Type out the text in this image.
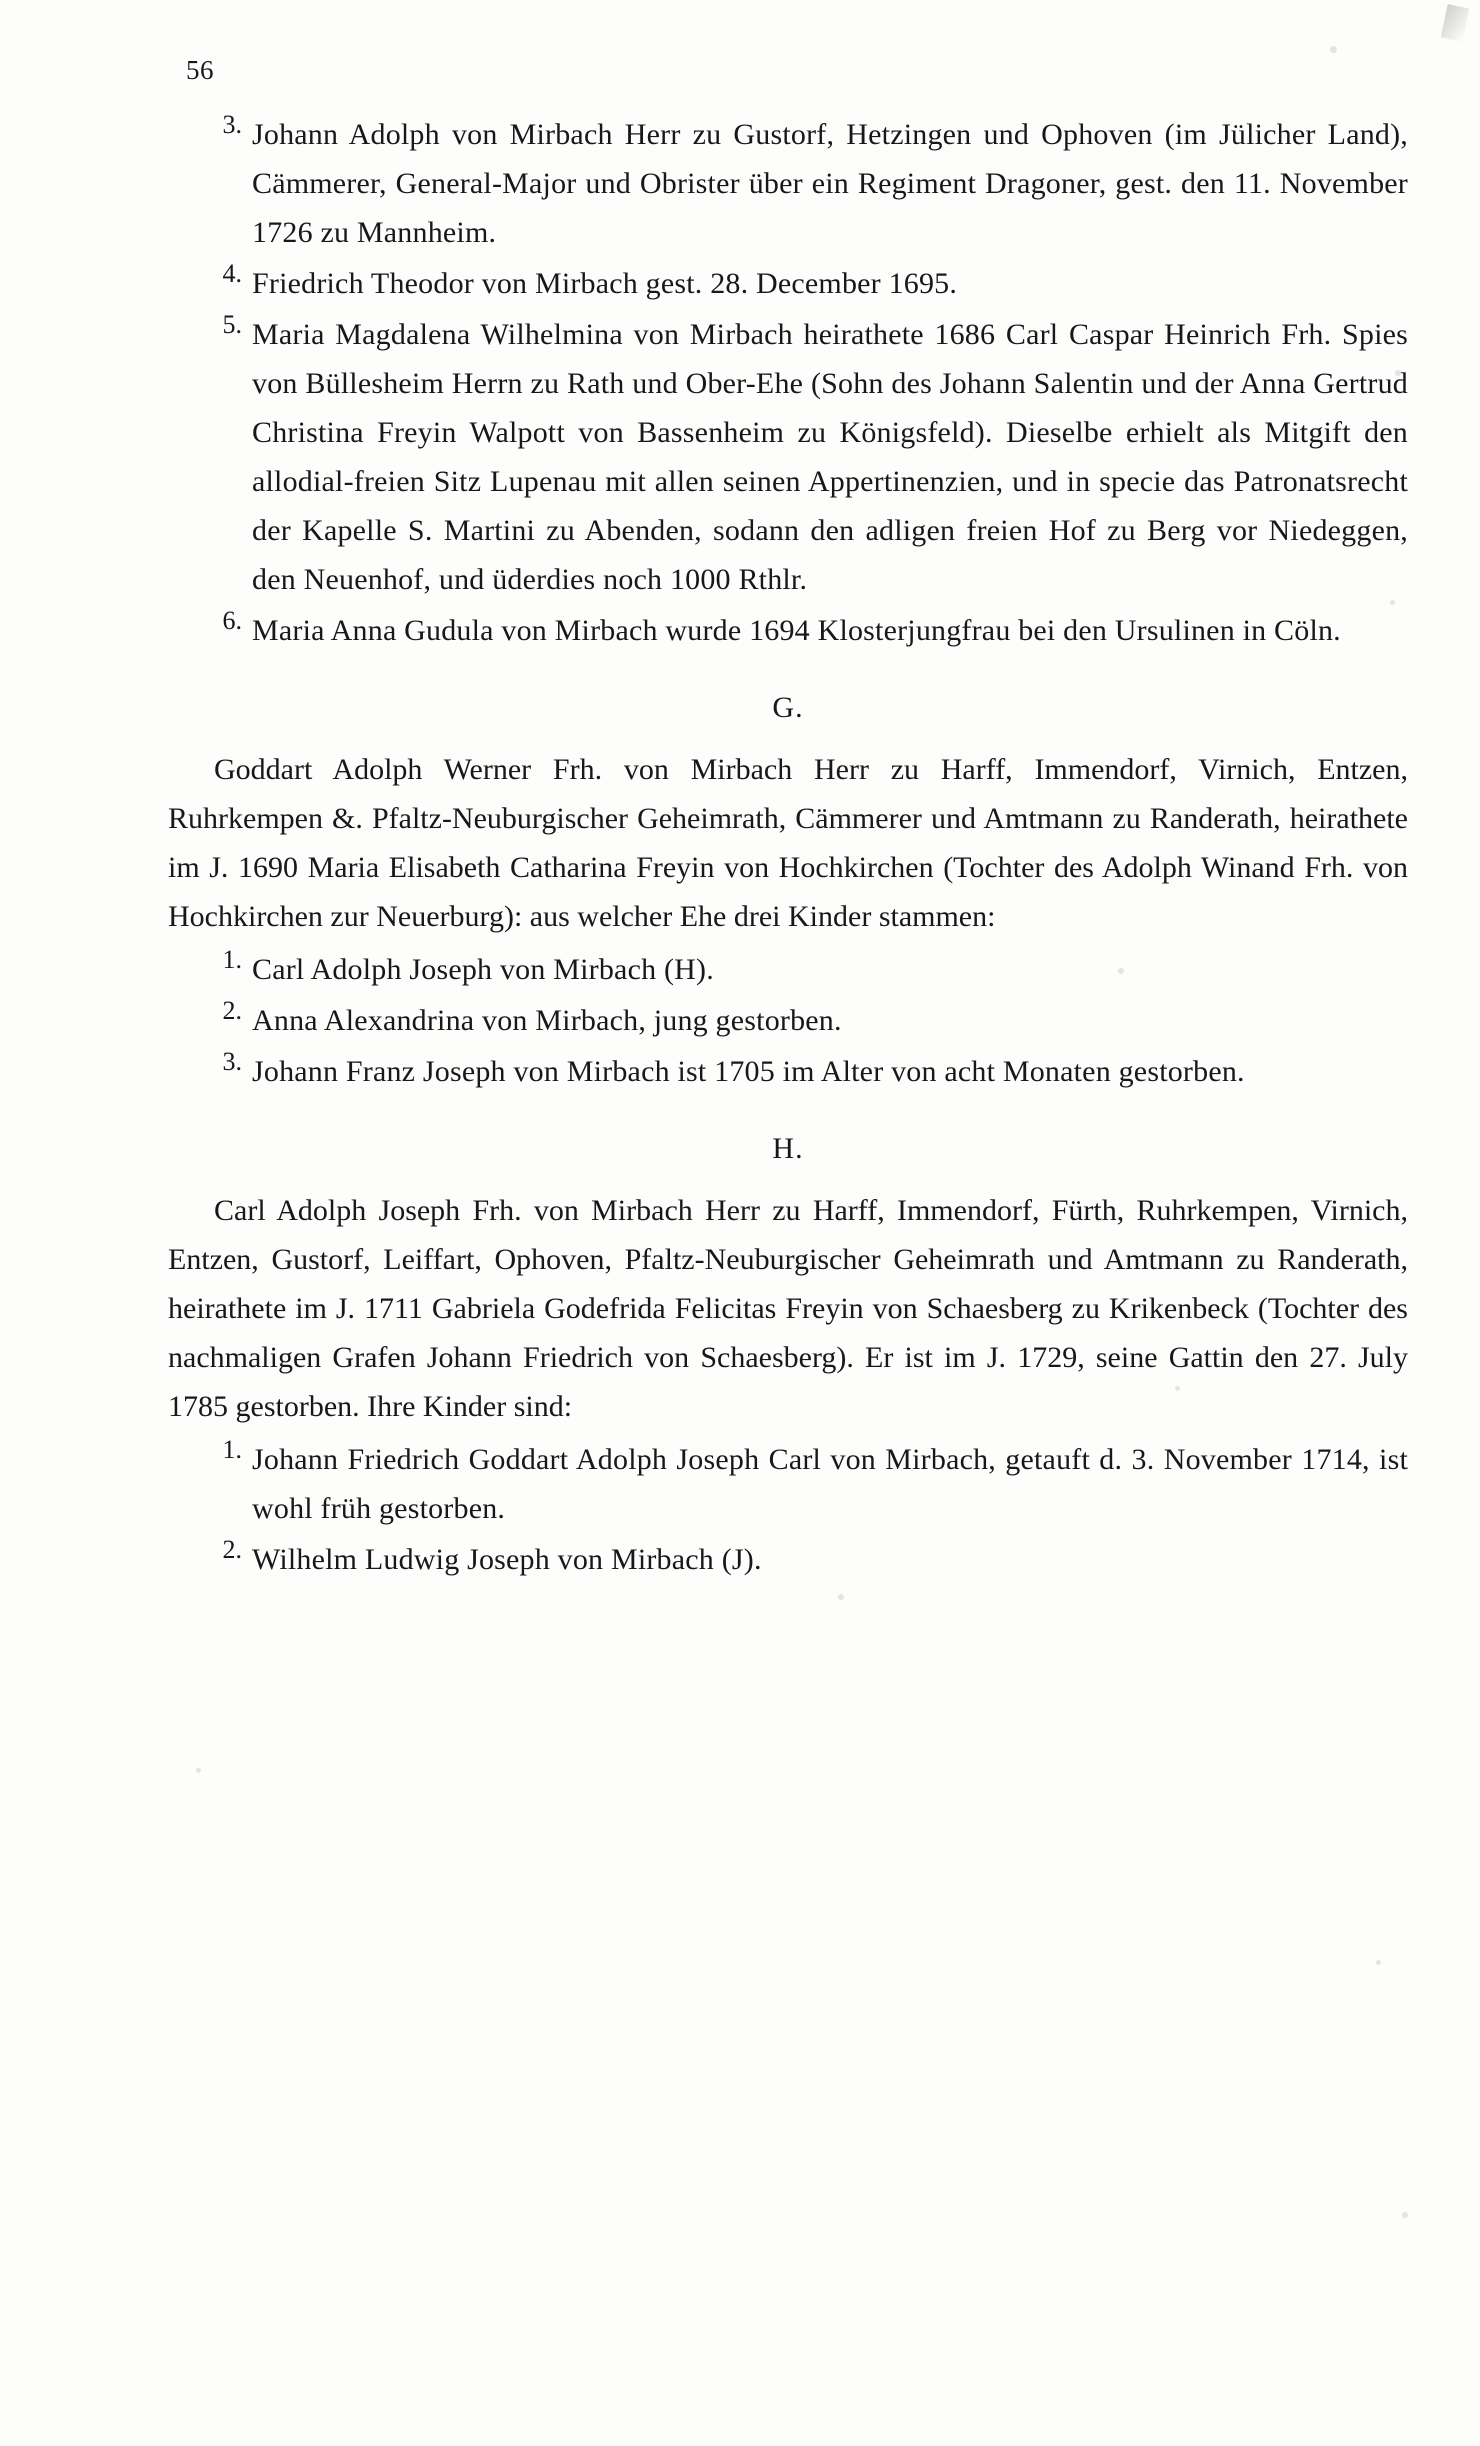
56
3. Johann Adolph von Mirbach Herr zu Gustorf, Hetzingen und Ophoven (im Jülicher Land), Cämmerer, General-Major und Obrister über ein Regiment Dragoner, gest. den 11. November 1726 zu Mannheim.
4. Friedrich Theodor von Mirbach gest. 28. December 1695.
5. Maria Magdalena Wilhelmina von Mirbach heirathete 1686 Carl Caspar Heinrich Frh. Spies von Büllesheim Herrn zu Rath und Ober-Ehe (Sohn des Johann Salentin und der Anna Gertrud Christina Freyin Walpott von Bassenheim zu Königsfeld). Dieselbe erhielt als Mitgift den allodial-freien Sitz Lupenau mit allen seinen Appertinenzien, und in specie das Patronatsrecht der Kapelle S. Martini zu Abenden, sodann den adligen freien Hof zu Berg vor Niedeggen, den Neuenhof, und üderdies noch 1000 Rthlr.
6. Maria Anna Gudula von Mirbach wurde 1694 Klosterjungfrau bei den Ursulinen in Cöln.
G.

Goddart Adolph Werner Frh. von Mirbach Herr zu Harff, Immendorf, Virnich, Entzen, Ruhrkempen &. Pfaltz-Neuburgischer Geheimrath, Cämmerer und Amtmann zu Randerath, heirathete im J. 1690 Maria Elisabeth Catharina Freyin von Hochkirchen (Tochter des Adolph Winand Frh. von Hochkirchen zur Neuerburg): aus welcher Ehe drei Kinder stammen:

1. Carl Adolph Joseph von Mirbach (H).
2. Anna Alexandrina von Mirbach, jung gestorben.
3. Johann Franz Joseph von Mirbach ist 1705 im Alter von acht Monaten gestorben.
H.

Carl Adolph Joseph Frh. von Mirbach Herr zu Harff, Immendorf, Fürth, Ruhrkempen, Virnich, Entzen, Gustorf, Leiffart, Ophoven, Pfaltz-Neuburgischer Geheimrath und Amtmann zu Randerath, heirathete im J. 1711 Gabriela Godefrida Felicitas Freyin von Schaesberg zu Krikenbeck (Tochter des nachmaligen Grafen Johann Friedrich von Schaesberg). Er ist im J. 1729, seine Gattin den 27. July 1785 gestorben. Ihre Kinder sind:

1. Johann Friedrich Goddart Adolph Joseph Carl von Mirbach, getauft d. 3. November 1714, ist wohl früh gestorben.
2. Wilhelm Ludwig Joseph von Mirbach (J).
